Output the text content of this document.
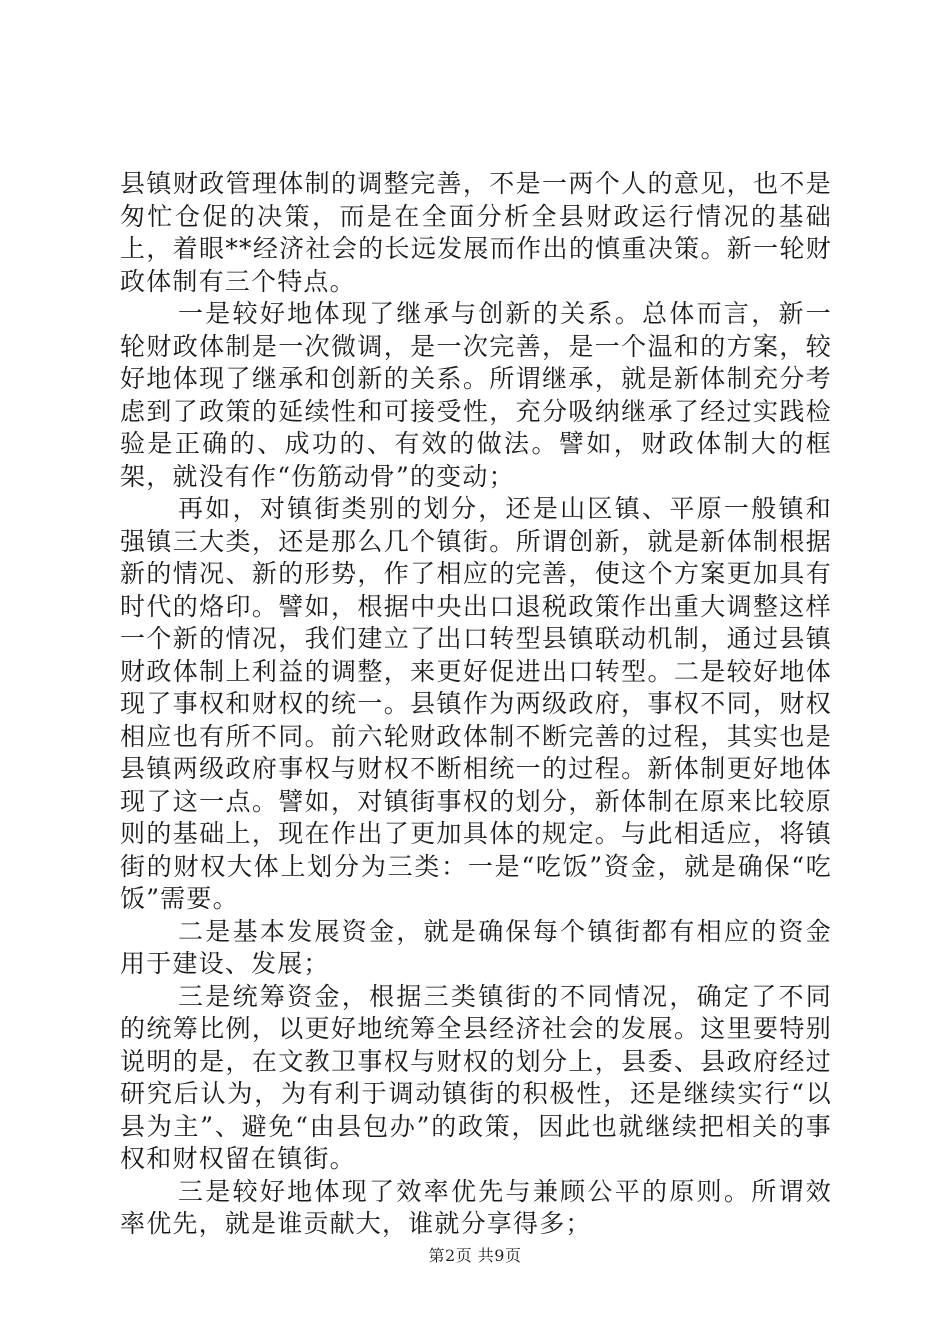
县镇财政管理体制的调整完善，不是一两个人的意见，也不是匆忙仓促的决策，而是在全面分析全县财政运行情况的基础上，着眼**经济社会的长远发展而作出的慎重决策。新一轮财政体制有三个特点。

一是较好地体现了继承与创新的关系。总体而言，新一轮财政体制是一次微调，是一次完善，是一个温和的方案，较好地体现了继承和创新的关系。所谓继承，就是新体制充分考虑到了政策的延续性和可接受性，充分吸纳继承了经过实践检验是正确的、成功的、有效的做法。譬如，财政体制大的框架，就没有作“伤筋动骨”的变动；

再如，对镇街类别的划分，还是山区镇、平原一般镇和强镇三大类，还是那么几个镇街。所谓创新，就是新体制根据新的情况、新的形势，作了相应的完善，使这个方案更加具有时代的烙印。譬如，根据中央出口退税政策作出重大调整这样一个新的情况，我们建立了出口转型县镇联动机制，通过县镇财政体制上利益的调整，来更好促进出口转型。二是较好地体现了事权和财权的统一。县镇作为两级政府，事权不同，财权相应也有所不同。前六轮财政体制不断完善的过程，其实也是县镇两级政府事权与财权不断相统一的过程。新体制更好地体现了这一点。譬如，对镇街事权的划分，新体制在原来比较原则的基础上，现在作出了更加具体的规定。与此相适应，将镇街的财权大体上划分为三类：一是“吃饭”资金，就是确保“吃饭”需要。

二是基本发展资金，就是确保每个镇街都有相应的资金用于建设、发展；

三是统筹资金，根据三类镇街的不同情况，确定了不同的统筹比例，以更好地统筹全县经济社会的发展。这里要特别说明的是，在文教卫事权与财权的划分上，县委、县政府经过研究后认为，为有利于调动镇街的积极性，还是继续实行“以县为主”、避免“由县包办”的政策，因此也就继续把相关的事权和财权留在镇街。

三是较好地体现了效率优先与兼顾公平的原则。所谓效率优先，就是谁贡献大，谁就分享得多；

第2页 共9页
